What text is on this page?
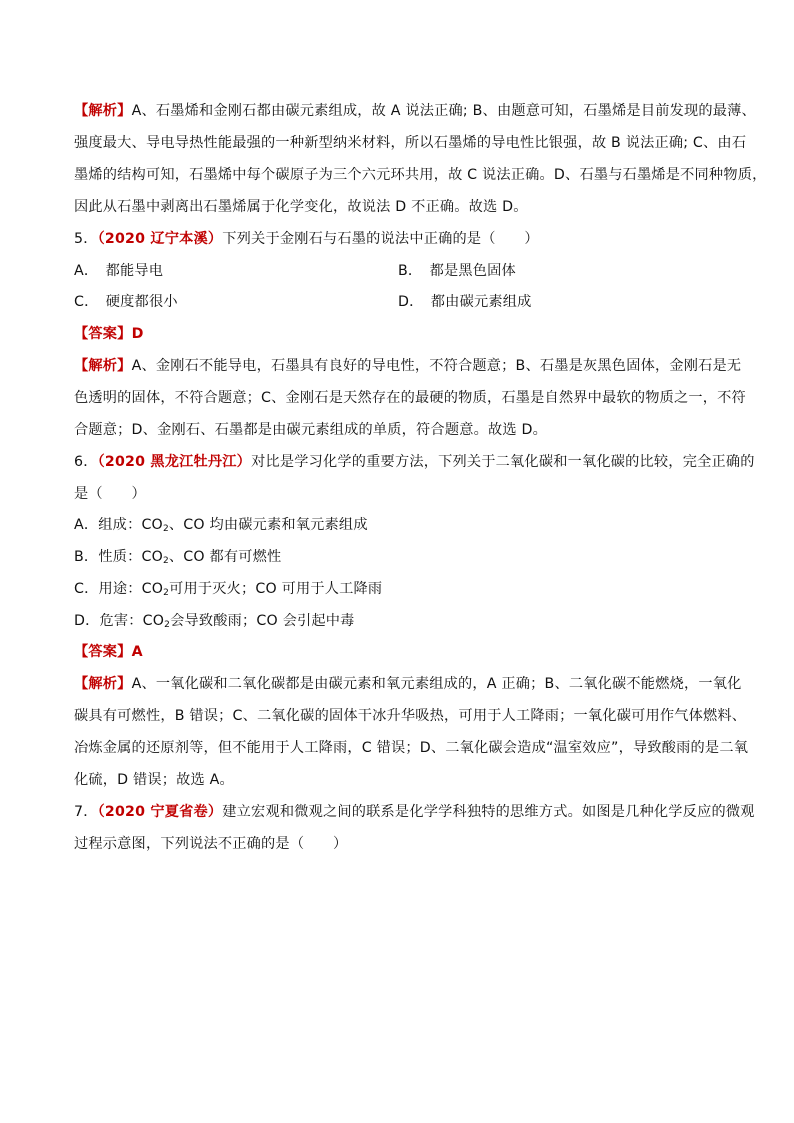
【解析】A、石墨烯和金刚石都由碳元素组成，故 A 说法正确; B、由题意可知，石墨烯是目前发现的最薄、
强度最大、导电导热性能最强的一种新型纳米材料，所以石墨烯的导电性比银强，故 B 说法正确; C、由石
墨烯的结构可知，石墨烯中每个碳原子为三个六元环共用，故 C 说法正确。D、石墨与石墨烯是不同种物质，
因此从石墨中剥离出石墨烯属于化学变化，故说法 D 不正确。故选 D。
5．（2020 辽宁本溪）下列关于金刚石与石墨的说法中正确的是（　　）
A．　都能导电	B．　都是黑色固体
C．　硬度都很小	D．　都由碳元素组成
【答案】D
【解析】A、金刚石不能导电，石墨具有良好的导电性，不符合题意；B、石墨是灰黑色固体，金刚石是无
色透明的固体，不符合题意；C、金刚石是天然存在的最硬的物质，石墨是自然界中最软的物质之一，不符
合题意；D、金刚石、石墨都是由碳元素组成的单质，符合题意。故选 D。
6．（2020 黑龙江牡丹江）对比是学习化学的重要方法，下列关于二氧化碳和一氧化碳的比较，完全正确的
是（　　）
A．组成：$CO_2$、CO 均由碳元素和氧元素组成
B．性质：$CO_2$、CO 都有可燃性
C．用途：$CO_2$可用于灭火；CO 可用于人工降雨
D．危害：$CO_2$会导致酸雨；CO 会引起中毒
【答案】A
【解析】A、一氧化碳和二氧化碳都是由碳元素和氧元素组成的，A 正确；B、二氧化碳不能燃烧，一氧化
碳具有可燃性，B 错误；C、二氧化碳的固体干冰升华吸热，可用于人工降雨；一氧化碳可用作气体燃料、
冶炼金属的还原剂等，但不能用于人工降雨，C 错误；D、二氧化碳会造成“温室效应”，导致酸雨的是二氧
化硫，D 错误；故选 A。
7．（2020 宁夏省卷）建立宏观和微观之间的联系是化学学科独特的思维方式。如图是几种化学反应的微观
过程示意图，下列说法不正确的是（　　）
